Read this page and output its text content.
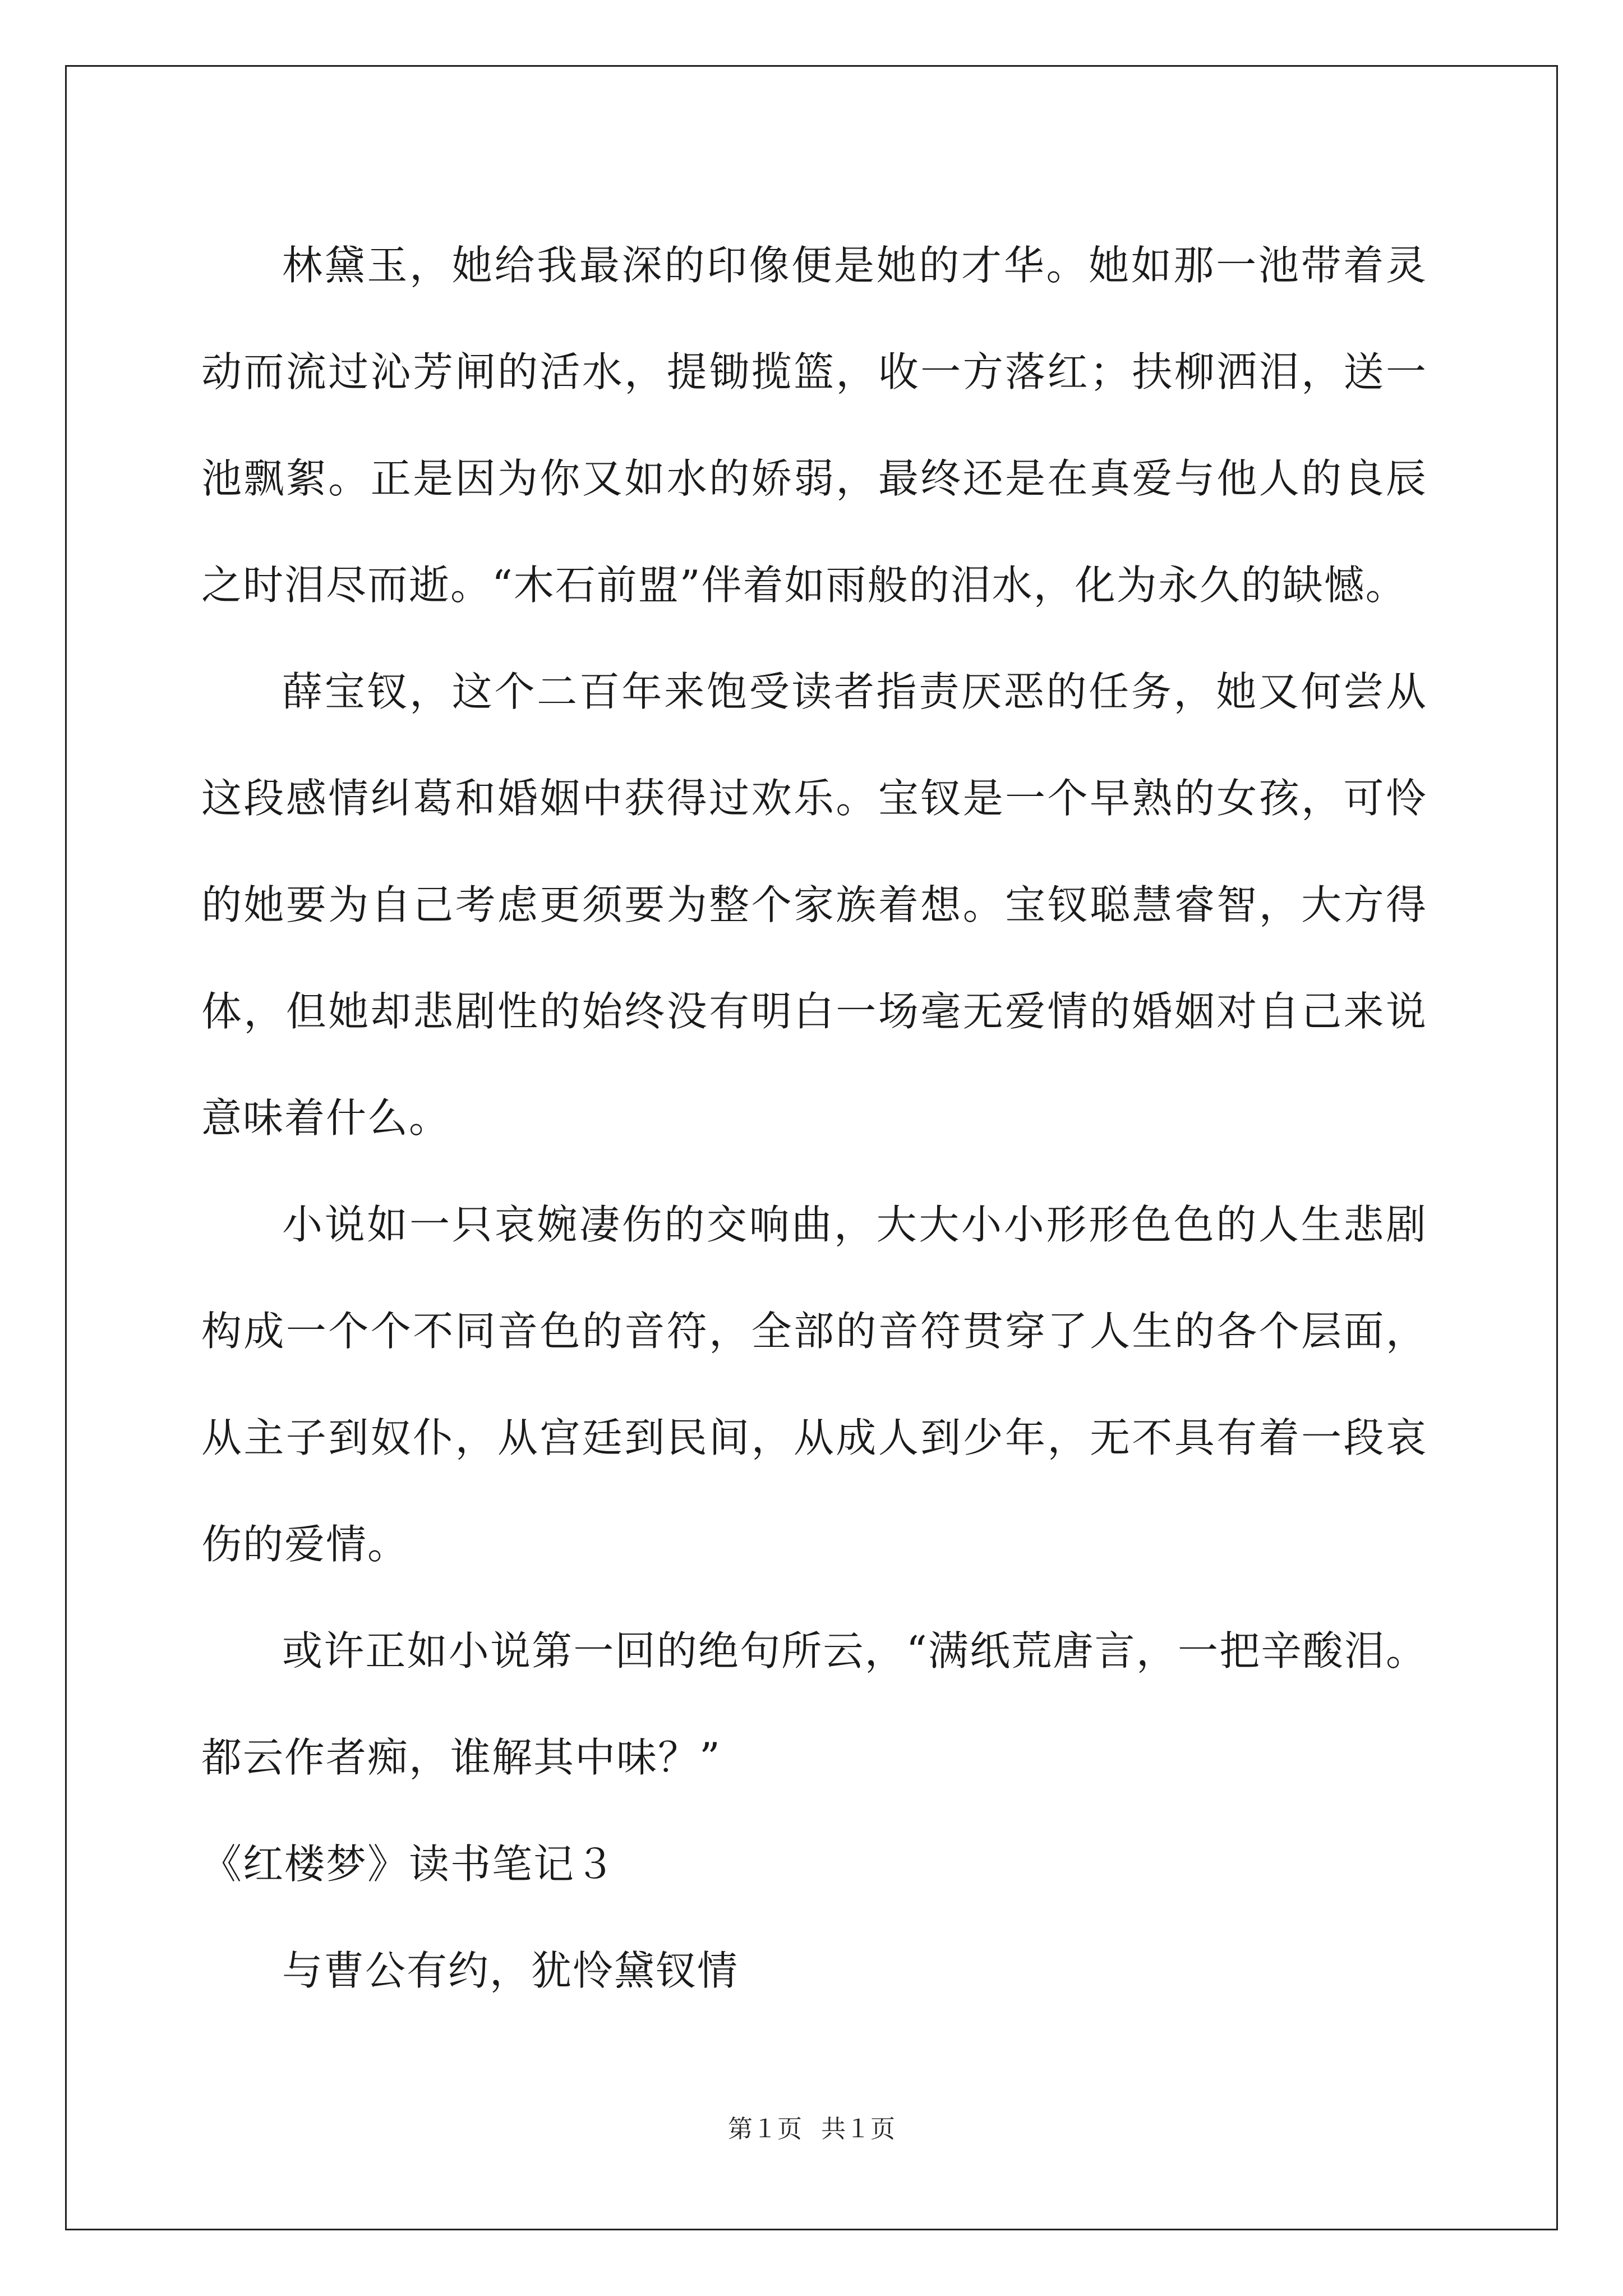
林黛玉，她给我最深的印像便是她的才华。她如那一池带着灵动而流过沁芳闸的活水，提锄揽篮，收一方落红；扶柳洒泪，送一池飘絮。正是因为你又如水的娇弱，最终还是在真爱与他人的良辰之时泪尽而逝。“木石前盟”伴着如雨般的泪水，化为永久的缺憾。

薛宝钗，这个二百年来饱受读者指责厌恶的任务，她又何尝从这段感情纠葛和婚姻中获得过欢乐。宝钗是一个早熟的女孩，可怜的她要为自己考虑更须要为整个家族着想。宝钗聪慧睿智，大方得体，但她却悲剧性的始终没有明白一场毫无爱情的婚姻对自己来说意味着什么。

小说如一只哀婉凄伤的交响曲，大大小小形形色色的人生悲剧构成一个个不同音色的音符，全部的音符贯穿了人生的各个层面，从主子到奴仆，从宫廷到民间，从成人到少年，无不具有着一段哀伤的爱情。

或许正如小说第一回的绝句所云，“满纸荒唐言，一把辛酸泪。都云作者痴，谁解其中味？”

《红楼梦》读书笔记３

与曹公有约，犹怜黛钗情

第１页 共１页
